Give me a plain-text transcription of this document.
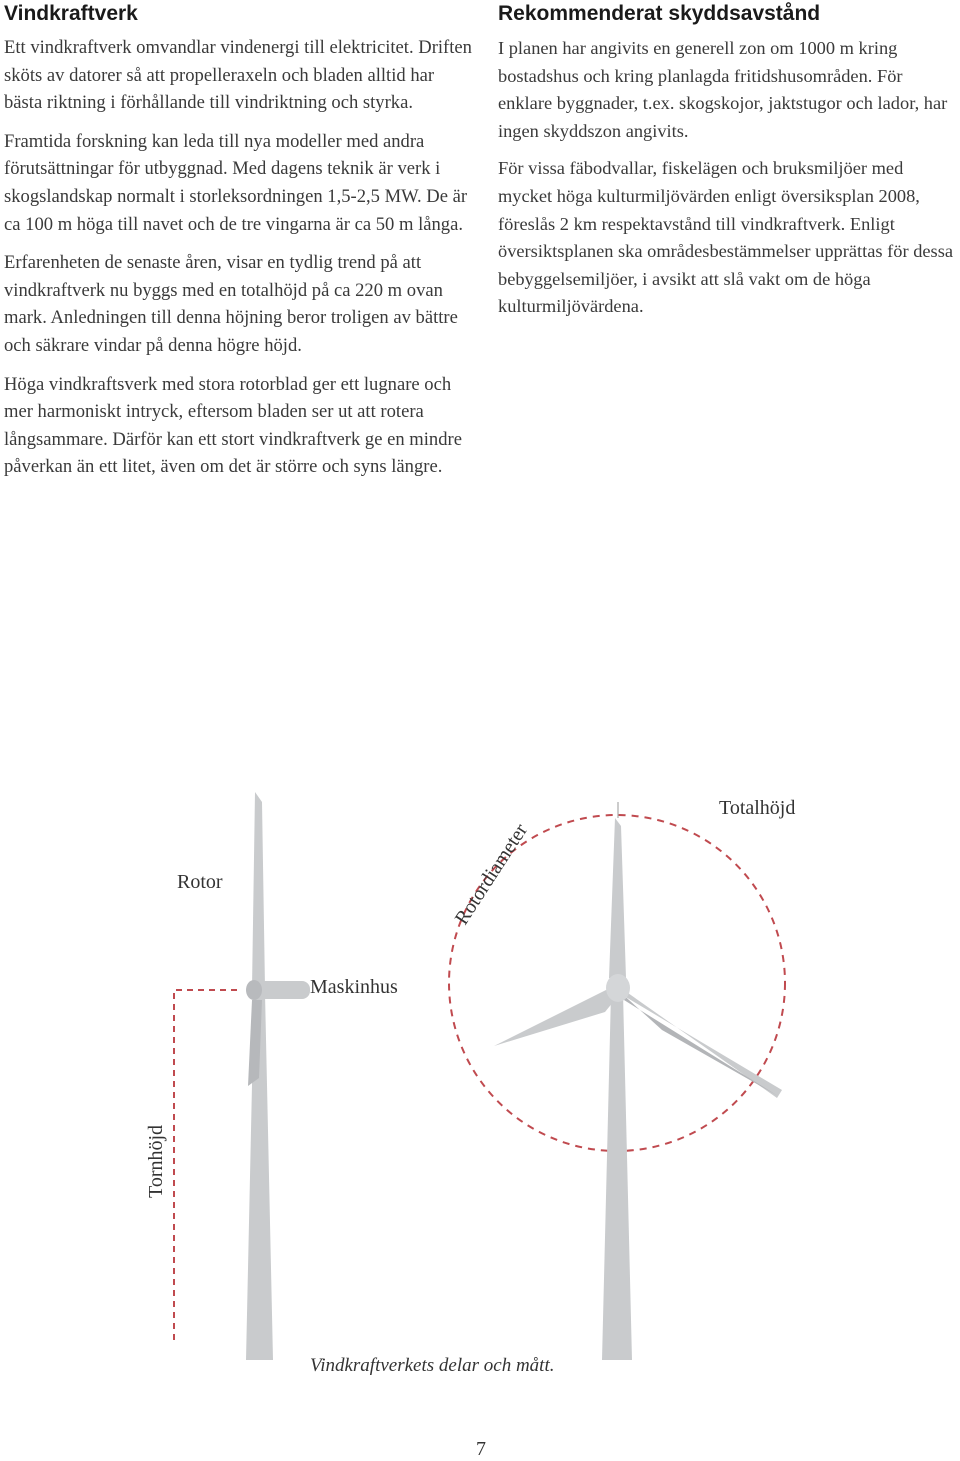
Vindkraftverk

Ett vindkraftverk omvandlar vindenergi till elektricitet. Driften sköts av datorer så att propelleraxeln och bladen alltid har bästa riktning i förhållande till vindriktning och styrka.

Framtida forskning kan leda till nya modeller med andra förutsättningar för utbyggnad. Med dagens teknik är verk i skogslandskap normalt i storleksordningen 1,5-2,5 MW. De är ca 100 m höga till navet och de tre vingarna är ca 50 m långa.

Erfarenheten de senaste åren, visar en tydlig trend på att vindkraftverk nu byggs med en totalhöjd på ca 220 m ovan mark. Anledningen till denna höjning beror troligen av bättre och säkrare vindar på denna högre höjd.

Höga vindkraftsverk med stora rotorblad ger ett lugnare och mer harmoniskt intryck, eftersom bladen ser ut att rotera långsammare. Därför kan ett stort vindkraftverk ge en mindre påverkan än ett litet, även om det är större och syns längre.

Rekommenderat skyddsavstånd

I planen har angivits en generell zon om 1000 m kring bostadshus och kring planlagda fritidshusområden. För enklare byggnader, t.ex. skogskojor, jaktstugor och lador, har ingen skyddszon angivits.

För vissa fäbodvallar, fiskelägen och bruksmiljöer med mycket höga kulturmiljövärden enligt översiksplan 2008, föreslås 2 km respektavstånd till vindkraftverk. Enligt översiktsplanen ska områdesbestämmelser upprättas för dessa bebyggelsemiljöer, i avsikt att slå vakt om de höga kulturmiljövärdena.

Rotor
Maskinhus
Totalhöjd
Rotordiameter
Tornhöjd
Vindkraftverkets delar och mått.
7
